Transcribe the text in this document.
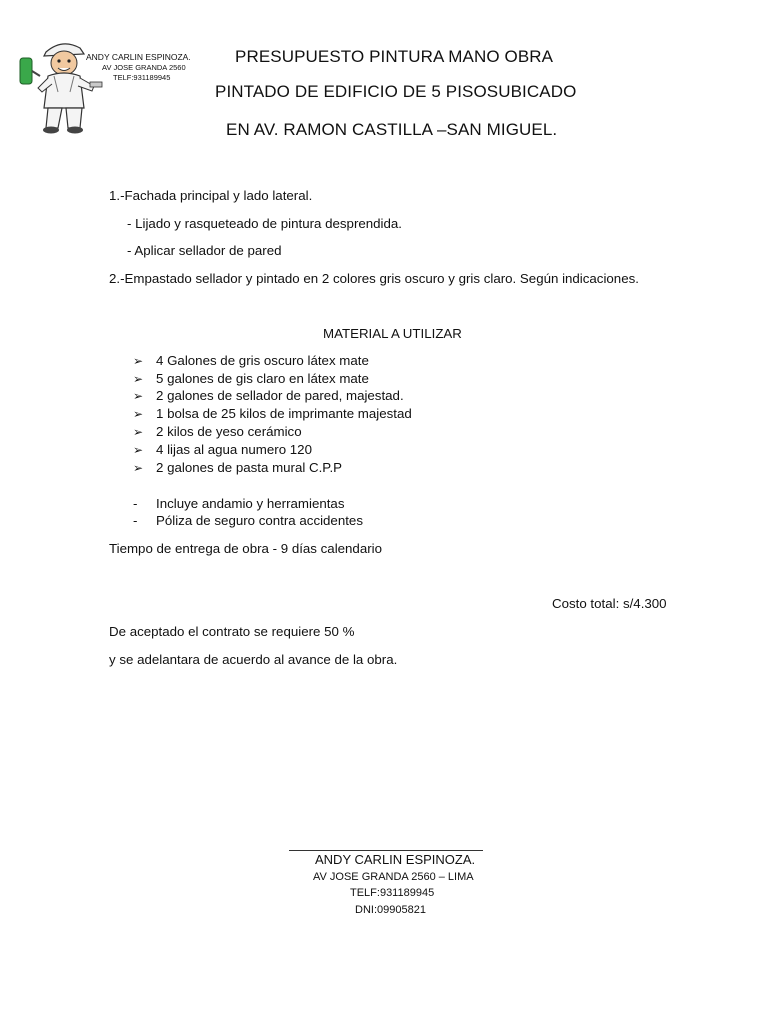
ANDY CARLIN ESPINOZA.
AV JOSE GRANDA 2560
TELF:931189945
PRESUPUESTO PINTURA MANO OBRA
PINTADO DE EDIFICIO DE 5 PISOSUBICADO
EN AV. RAMON CASTILLA –SAN MIGUEL.
1.-Fachada principal y lado lateral.
- Lijado y rasqueteado de pintura desprendida.
- Aplicar sellador de pared
2.-Empastado sellador y pintado en 2 colores gris oscuro y gris claro. Según indicaciones.
MATERIAL A UTILIZAR
➢ 4 Galones de gris oscuro látex mate
➢ 5 galones de gis claro en látex mate
➢ 2 galones de sellador de pared, majestad.
➢ 1 bolsa de 25 kilos de imprimante majestad
➢ 2 kilos de yeso cerámico
➢ 4 lijas al agua numero 120
➢ 2 galones de pasta mural C.P.P
- Incluye andamio y herramientas
- Póliza de seguro contra accidentes
Tiempo de entrega de obra - 9 días calendario
Costo total: s/4.300
De aceptado el contrato se requiere 50 %
y se adelantara de acuerdo al avance de la obra.
ANDY CARLIN ESPINOZA.
AV JOSE GRANDA 2560 – LIMA
TELF:931189945
DNI:09905821
